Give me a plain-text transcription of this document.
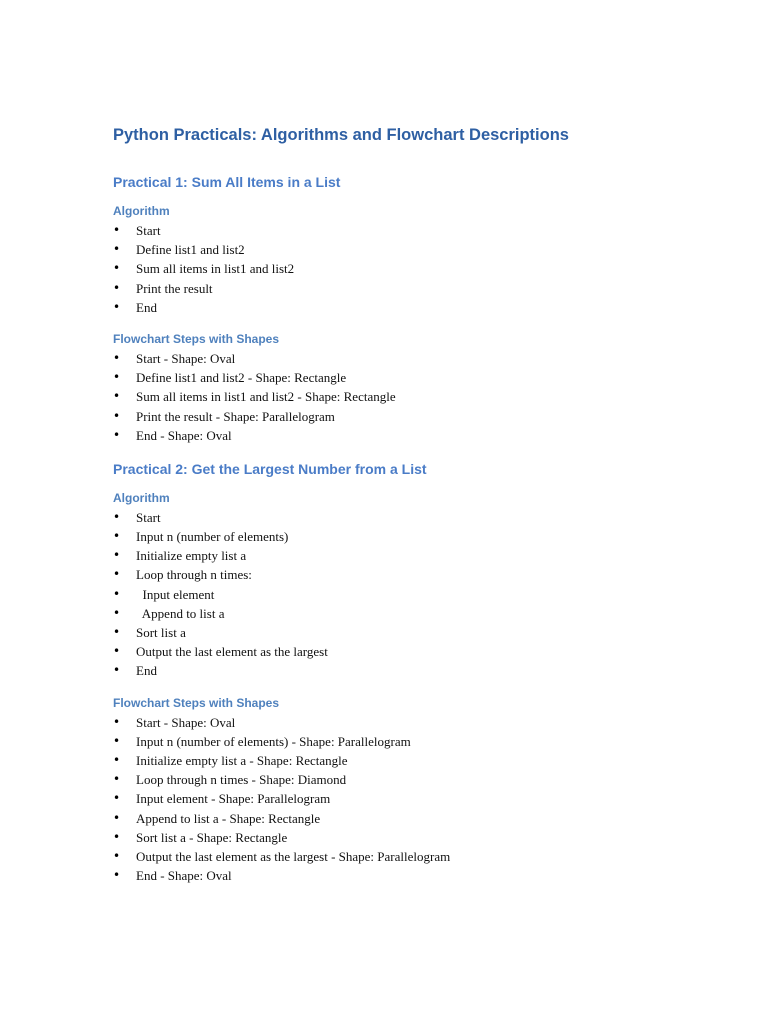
Python Practicals: Algorithms and Flowchart Descriptions
Practical 1: Sum All Items in a List
Algorithm
• Start
• Define list1 and list2
• Sum all items in list1 and list2
• Print the result
• End
Flowchart Steps with Shapes
• Start - Shape: Oval
• Define list1 and list2 - Shape: Rectangle
• Sum all items in list1 and list2 - Shape: Rectangle
• Print the result - Shape: Parallelogram
• End - Shape: Oval
Practical 2: Get the Largest Number from a List
Algorithm
• Start
• Input n (number of elements)
• Initialize empty list a
• Loop through n times:
•   Input element
•   Append to list a
• Sort list a
• Output the last element as the largest
• End
Flowchart Steps with Shapes
• Start - Shape: Oval
• Input n (number of elements) - Shape: Parallelogram
• Initialize empty list a - Shape: Rectangle
• Loop through n times - Shape: Diamond
• Input element - Shape: Parallelogram
• Append to list a - Shape: Rectangle
• Sort list a - Shape: Rectangle
• Output the last element as the largest - Shape: Parallelogram
• End - Shape: Oval
